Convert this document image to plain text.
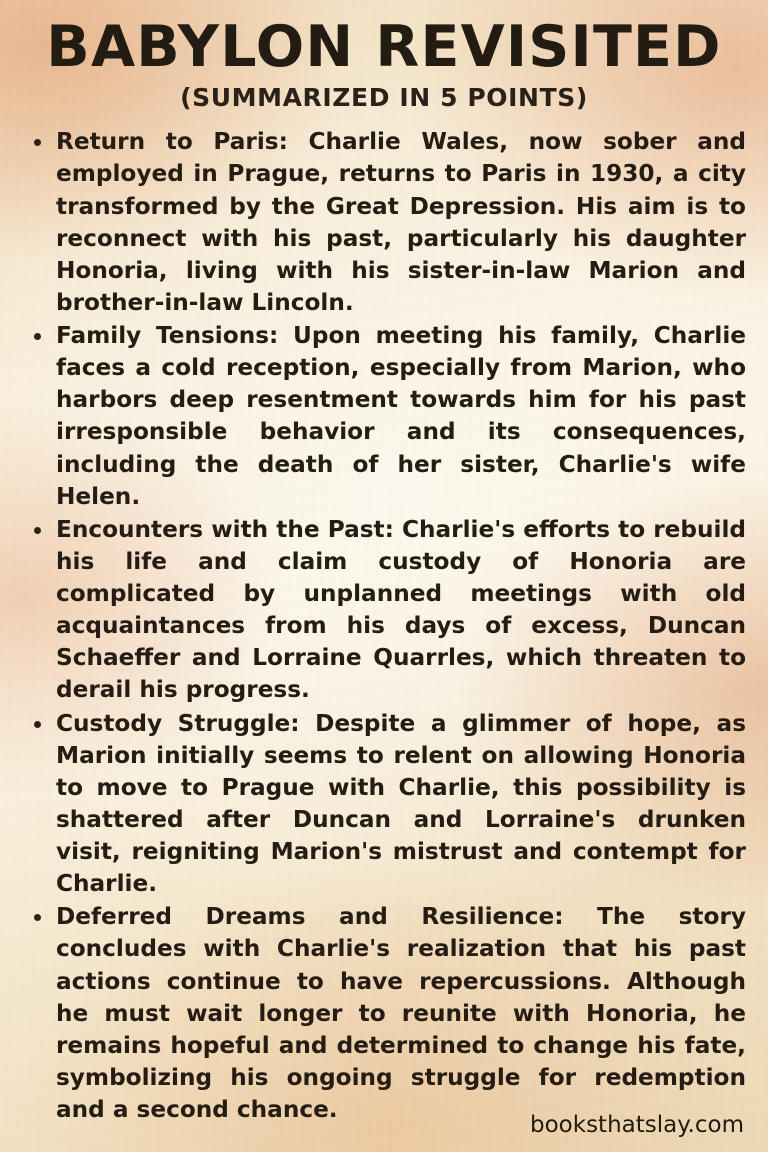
BABYLON REVISITED
(SUMMARIZED IN 5 POINTS)
Return to Paris: Charlie Wales, now sober and employed in Prague, returns to Paris in 1930, a city transformed by the Great Depression. His aim is to reconnect with his past, particularly his daughter Honoria, living with his sister-in-law Marion and brother-in-law Lincoln.
Family Tensions: Upon meeting his family, Charlie faces a cold reception, especially from Marion, who harbors deep resentment towards him for his past irresponsible behavior and its consequences, including the death of her sister, Charlie's wife Helen.
Encounters with the Past: Charlie's efforts to rebuild his life and claim custody of Honoria are complicated by unplanned meetings with old acquaintances from his days of excess, Duncan Schaeffer and Lorraine Quarrles, which threaten to derail his progress.
Custody Struggle: Despite a glimmer of hope, as Marion initially seems to relent on allowing Honoria to move to Prague with Charlie, this possibility is shattered after Duncan and Lorraine's drunken visit, reigniting Marion's mistrust and contempt for Charlie.
Deferred Dreams and Resilience: The story concludes with Charlie's realization that his past actions continue to have repercussions. Although he must wait longer to reunite with Honoria, he remains hopeful and determined to change his fate, symbolizing his ongoing struggle for redemption and a second chance.
booksthatslay.com
